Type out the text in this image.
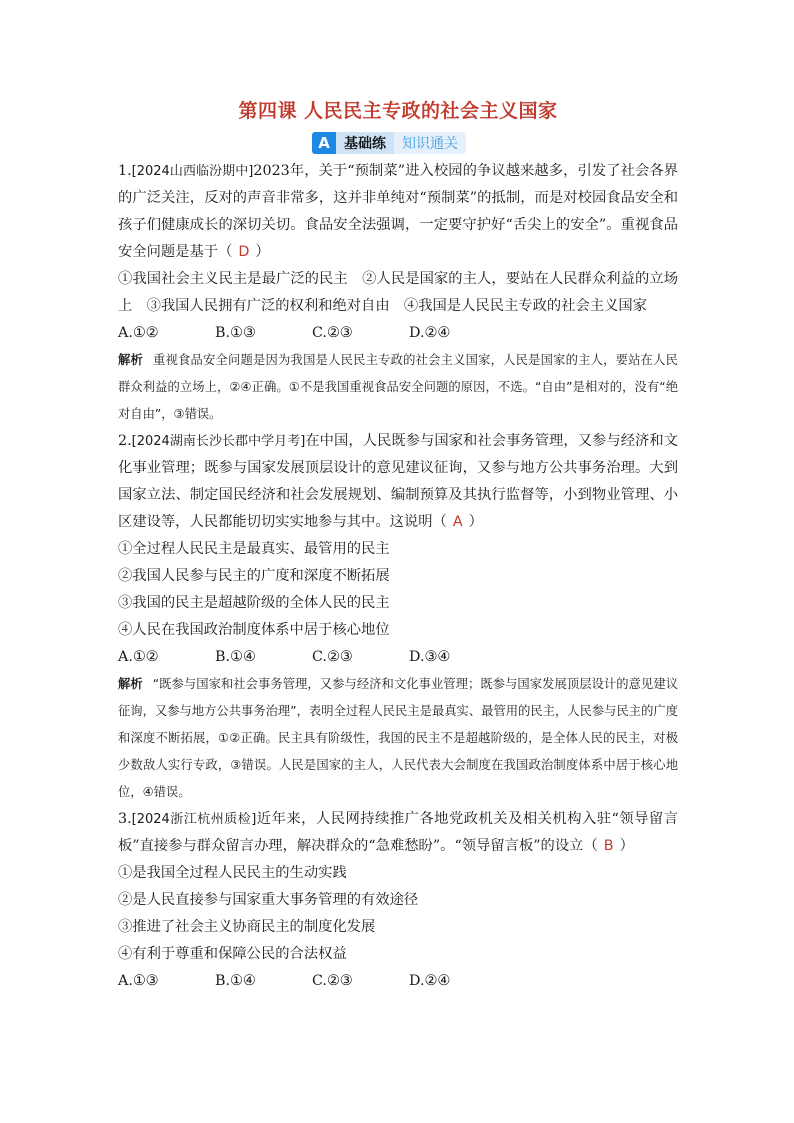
第四课 人民民主专政的社会主义国家
A	基础练	知识通关

1.[2024山西临汾期中]2023年，关于“预制菜”进入校园的争议越来越多，引发了社会各界的广泛关注，反对的声音非常多，这并非单纯对“预制菜”的抵制，而是对校园食品安全和孩子们健康成长的深切关切。食品安全法强调，一定要守护好“舌尖上的安全”。重视食品安全问题是基于（ D ）

①我国社会主义民主是最广泛的民主　②人民是国家的主人，要站在人民群众利益的立场上　③我国人民拥有广泛的权利和绝对自由　④我国是人民民主专政的社会主义国家

A.①②	B.①③	C.②③	D.②④

解析 重视食品安全问题是因为我国是人民民主专政的社会主义国家，人民是国家的主人，要站在人民群众利益的立场上，②④正确。①不是我国重视食品安全问题的原因，不选。“自由”是相对的，没有“绝对自由”，③错误。

2.[2024湖南长沙长郡中学月考]在中国，人民既参与国家和社会事务管理，又参与经济和文化事业管理；既参与国家发展顶层设计的意见建议征询，又参与地方公共事务治理。大到国家立法、制定国民经济和社会发展规划、编制预算及其执行监督等，小到物业管理、小区建设等，人民都能切切实实地参与其中。这说明（ A ）

①全过程人民民主是最真实、最管用的民主

②我国人民参与民主的广度和深度不断拓展

③我国的民主是超越阶级的全体人民的民主

④人民在我国政治制度体系中居于核心地位

A.①②	B.①④	C.②③	D.③④

解析 “既参与国家和社会事务管理，又参与经济和文化事业管理；既参与国家发展顶层设计的意见建议征询，又参与地方公共事务治理”，表明全过程人民民主是最真实、最管用的民主，人民参与民主的广度和深度不断拓展，①②正确。民主具有阶级性，我国的民主不是超越阶级的，是全体人民的民主，对极少数敌人实行专政，③错误。人民是国家的主人，人民代表大会制度在我国政治制度体系中居于核心地位，④错误。

3.[2024浙江杭州质检]近年来，人民网持续推广各地党政机关及相关机构入驻“领导留言板”直接参与群众留言办理，解决群众的“急难愁盼”。“领导留言板”的设立（ B ）

①是我国全过程人民民主的生动实践

②是人民直接参与国家重大事务管理的有效途径

③推进了社会主义协商民主的制度化发展

④有利于尊重和保障公民的合法权益

A.①③	B.①④	C.②③	D.②④
